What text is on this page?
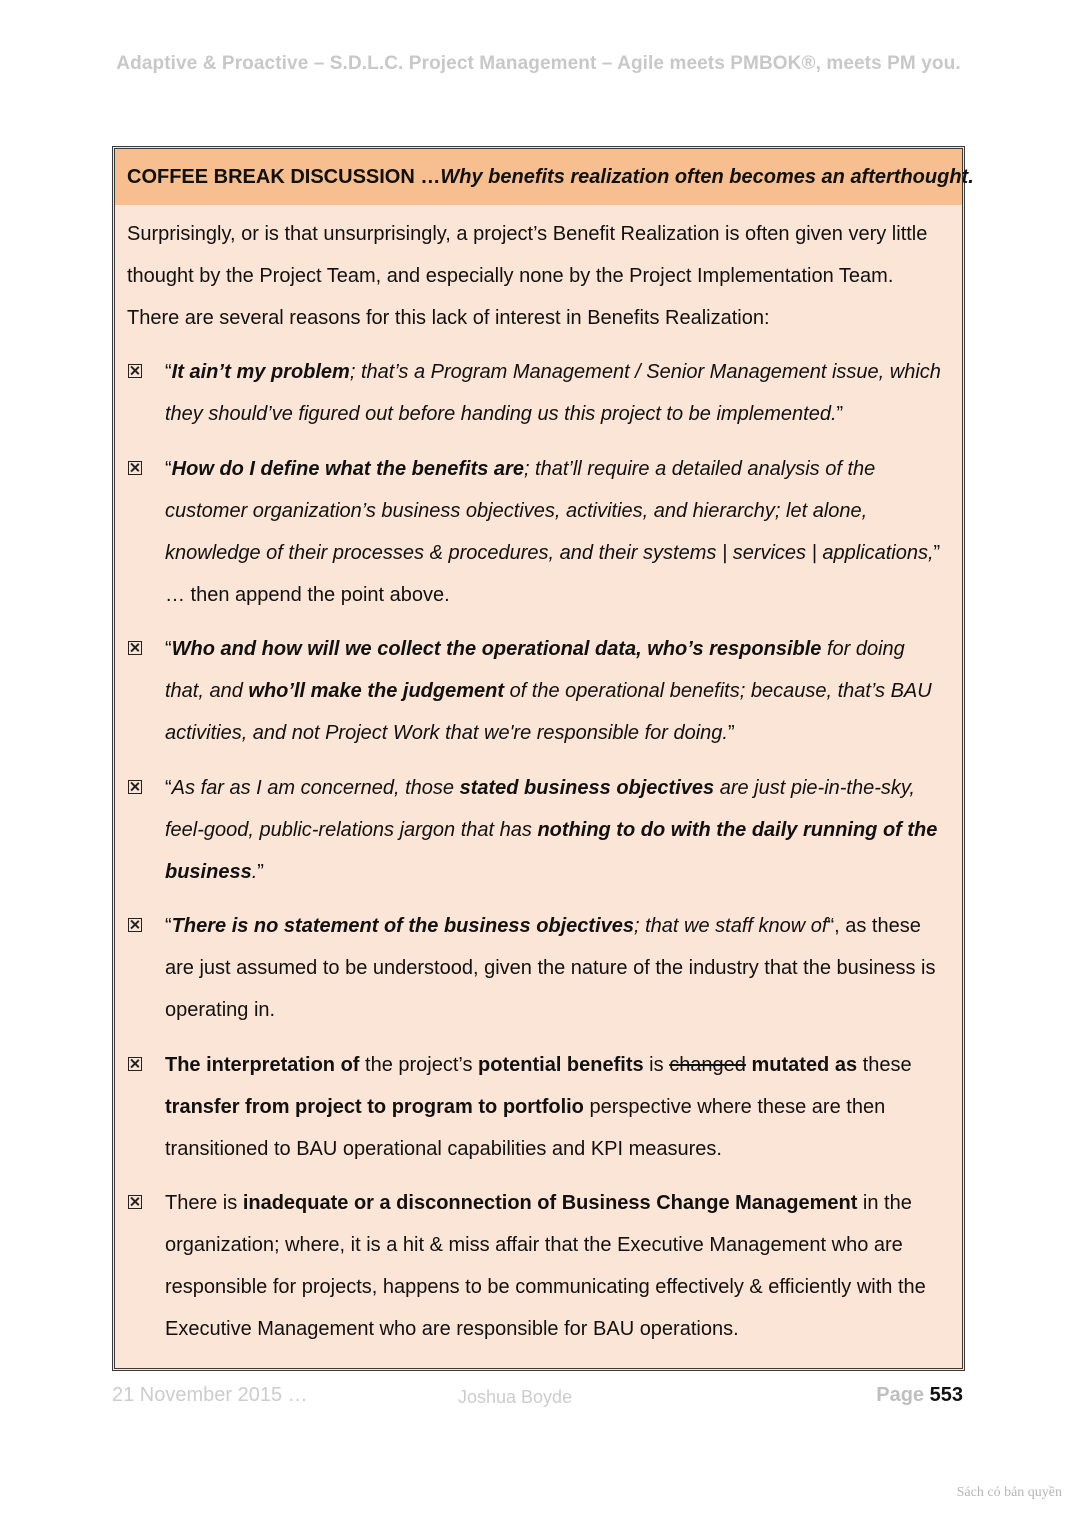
Adaptive & Proactive – S.D.L.C. Project Management – Agile meets PMBOK®, meets PM you.
COFFEE BREAK DISCUSSION … Why benefits realization often becomes an afterthought.
Surprisingly, or is that unsurprisingly, a project’s Benefit Realization is often given very little thought by the Project Team, and especially none by the Project Implementation Team. There are several reasons for this lack of interest in Benefits Realization:
“It ain’t my problem; that’s a Program Management / Senior Management issue, which they should’ve figured out before handing us this project to be implemented.”
“How do I define what the benefits are; that’ll require a detailed analysis of the customer organization’s business objectives, activities, and hierarchy; let alone, knowledge of their processes & procedures, and their systems | services | applications,” … then append the point above.
“Who and how will we collect the operational data, who’s responsible for doing that, and who’ll make the judgement of the operational benefits; because, that’s BAU activities, and not Project Work that we're responsible for doing.”
“As far as I am concerned, those stated business objectives are just pie-in-the-sky, feel-good, public-relations jargon that has nothing to do with the daily running of the business.”
“There is no statement of the business objectives; that we staff know of“, as these are just assumed to be understood, given the nature of the industry that the business is operating in.
The interpretation of the project’s potential benefits is changed mutated as these transfer from project to program to portfolio perspective where these are then transitioned to BAU operational capabilities and KPI measures.
There is inadequate or a disconnection of Business Change Management in the organization; where, it is a hit & miss affair that the Executive Management who are responsible for projects, happens to be communicating effectively & efficiently with the Executive Management who are responsible for BAU operations.
21 November 2015 …	Joshua Boyde	Page 553
Sách có bản quyền
